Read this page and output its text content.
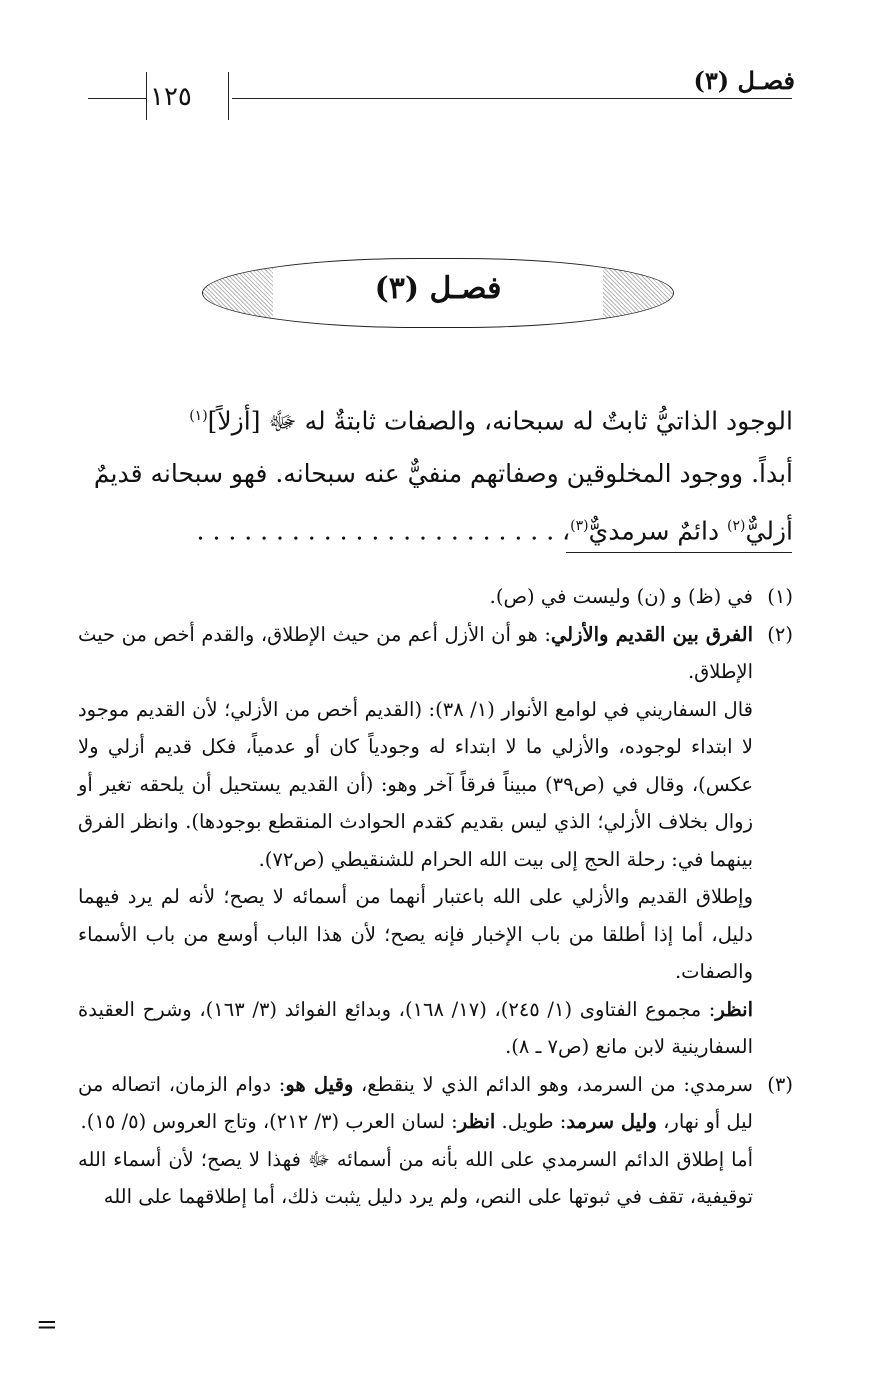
١٢٥
فصـل (٣)
فصـل (٣)

الوجود الذاتيُّ ثابتٌ له سبحانه، والصفات ثابتةٌ له ﷻ [أزلاً]$^{(١)}$

أبداً. ووجود المخلوقين وصفاتهم منفيٌّ عنه سبحانه. فهو سبحانه قديمٌ

أزليٌّ$^{(٢)}$ دائمٌ سرمديٌّ$^{(٣)}$، . . . . . . . . . . . . . . . . . . . . . . .

(١)
في (ظ) و (ن) وليست في (ص).
(٢)

الفرق بين القديم والأزلي: هو أن الأزل أعم من حيث الإطلاق، والقدم أخص من حيث الإطلاق.

قال السفاريني في لوامع الأنوار (١/ ٣٨): (القديم أخص من الأزلي؛ لأن القديم موجود لا ابتداء لوجوده، والأزلي ما لا ابتداء له وجودياً كان أو عدمياً، فكل قديم أزلي ولا عكس)، وقال في (ص٣٩) مبيناً فرقاً آخر وهو: (أن القديم يستحيل أن يلحقه تغير أو زوال بخلاف الأزلي؛ الذي ليس بقديم كقدم الحوادث المنقطع بوجودها). وانظر الفرق بينهما في: رحلة الحج إلى بيت الله الحرام للشنقيطي (ص٧٢).
وإطلاق القديم والأزلي على الله باعتبار أنهما من أسمائه لا يصح؛ لأنه لم يرد فيهما دليل، أما إذا أطلقا من باب الإخبار فإنه يصح؛ لأن هذا الباب أوسع من باب الأسماء والصفات.
انظر: مجموع الفتاوى (١/ ٢٤٥)، (١٧/ ١٦٨)، وبدائع الفوائد (٣/ ١٦٣)، وشرح العقيدة السفارينية لابن مانع (ص٧ ـ ٨).
(٣)
سرمدي: من السرمد، وهو الدائم الذي لا ينقطع، وقيل هو: دوام الزمان، اتصاله من ليل أو نهار، وليل سرمد: طويل. انظر: لسان العرب (٣/ ٢١٢)، وتاج العروس (٥/ ١٥).
أما إطلاق الدائم السرمدي على الله بأنه من أسمائه ﷻ فهذا لا يصح؛ لأن أسماء الله توقيفية، تقف في ثبوتها على النص، ولم يرد دليل يثبت ذلك، أما إطلاقهما على الله
=
